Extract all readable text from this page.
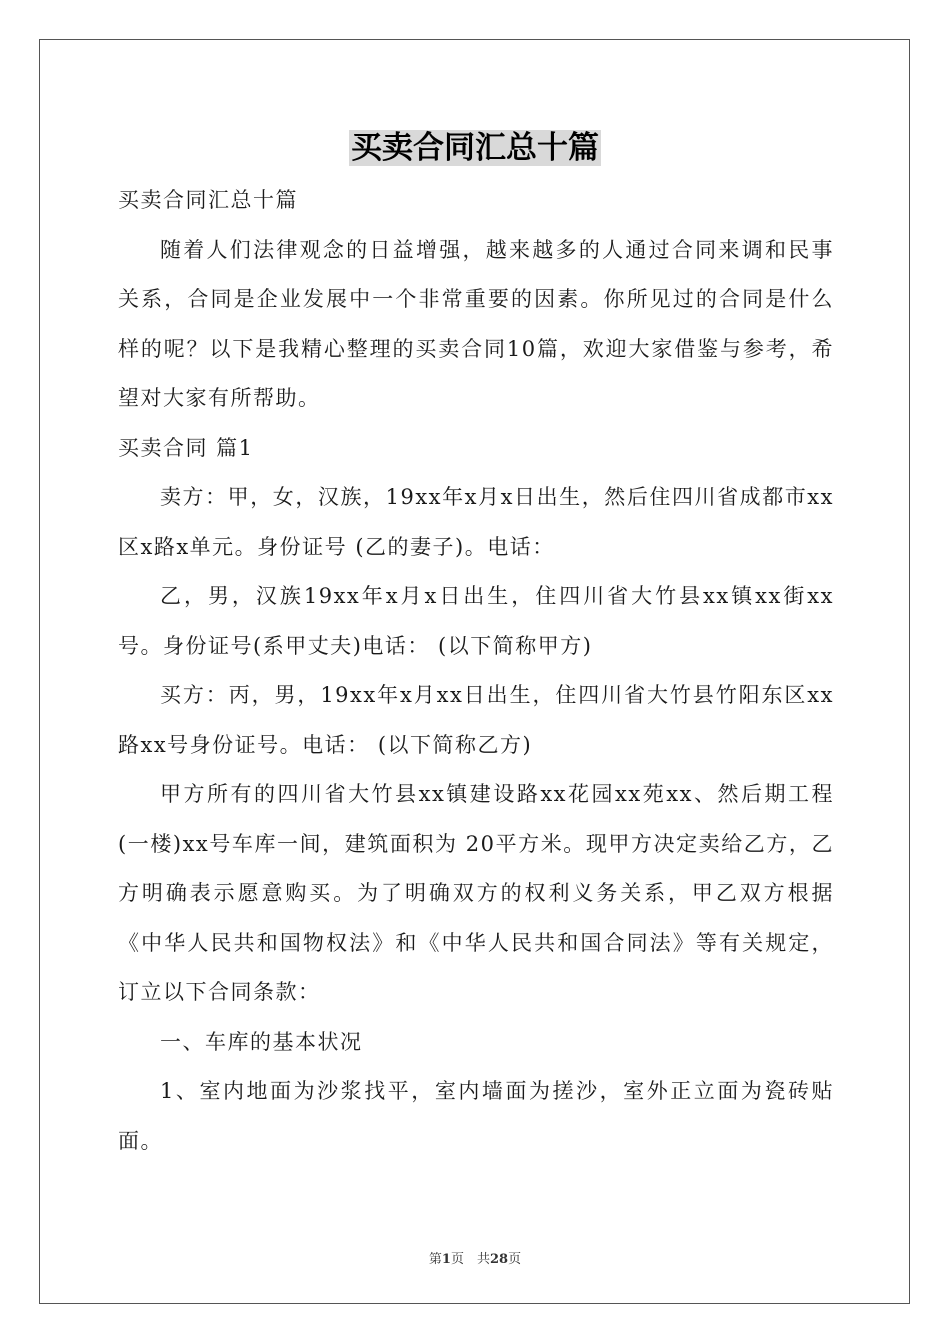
买卖合同汇总十篇

买卖合同汇总十篇

随着人们法律观念的日益增强，越来越多的人通过合同来调和民事关系，合同是企业发展中一个非常重要的因素。你所见过的合同是什么样的呢？以下是我精心整理的买卖合同10篇，欢迎大家借鉴与参考，希望对大家有所帮助。

买卖合同 篇1

卖方：甲，女，汉族，19xx年x月x日出生，然后住四川省成都市xx区x路x单元。身份证号 (乙的妻子)。电话：

乙，男，汉族19xx年x月x日出生，住四川省大竹县xx镇xx街xx号。身份证号(系甲丈夫)电话： (以下简称甲方)

买方：丙，男，19xx年x月xx日出生，住四川省大竹县竹阳东区xx路xx号身份证号。电话： (以下简称乙方)

甲方所有的四川省大竹县xx镇建设路xx花园xx苑xx、然后期工程(一楼)xx号车库一间，建筑面积为 20平方米。现甲方决定卖给乙方，乙方明确表示愿意购买。为了明确双方的权利义务关系，甲乙双方根据《中华人民共和国物权法》和《中华人民共和国合同法》等有关规定，订立以下合同条款：

一、车库的基本状况

1、室内地面为沙浆找平，室内墙面为搓沙，室外正立面为瓷砖贴面。

第1页　共28页
